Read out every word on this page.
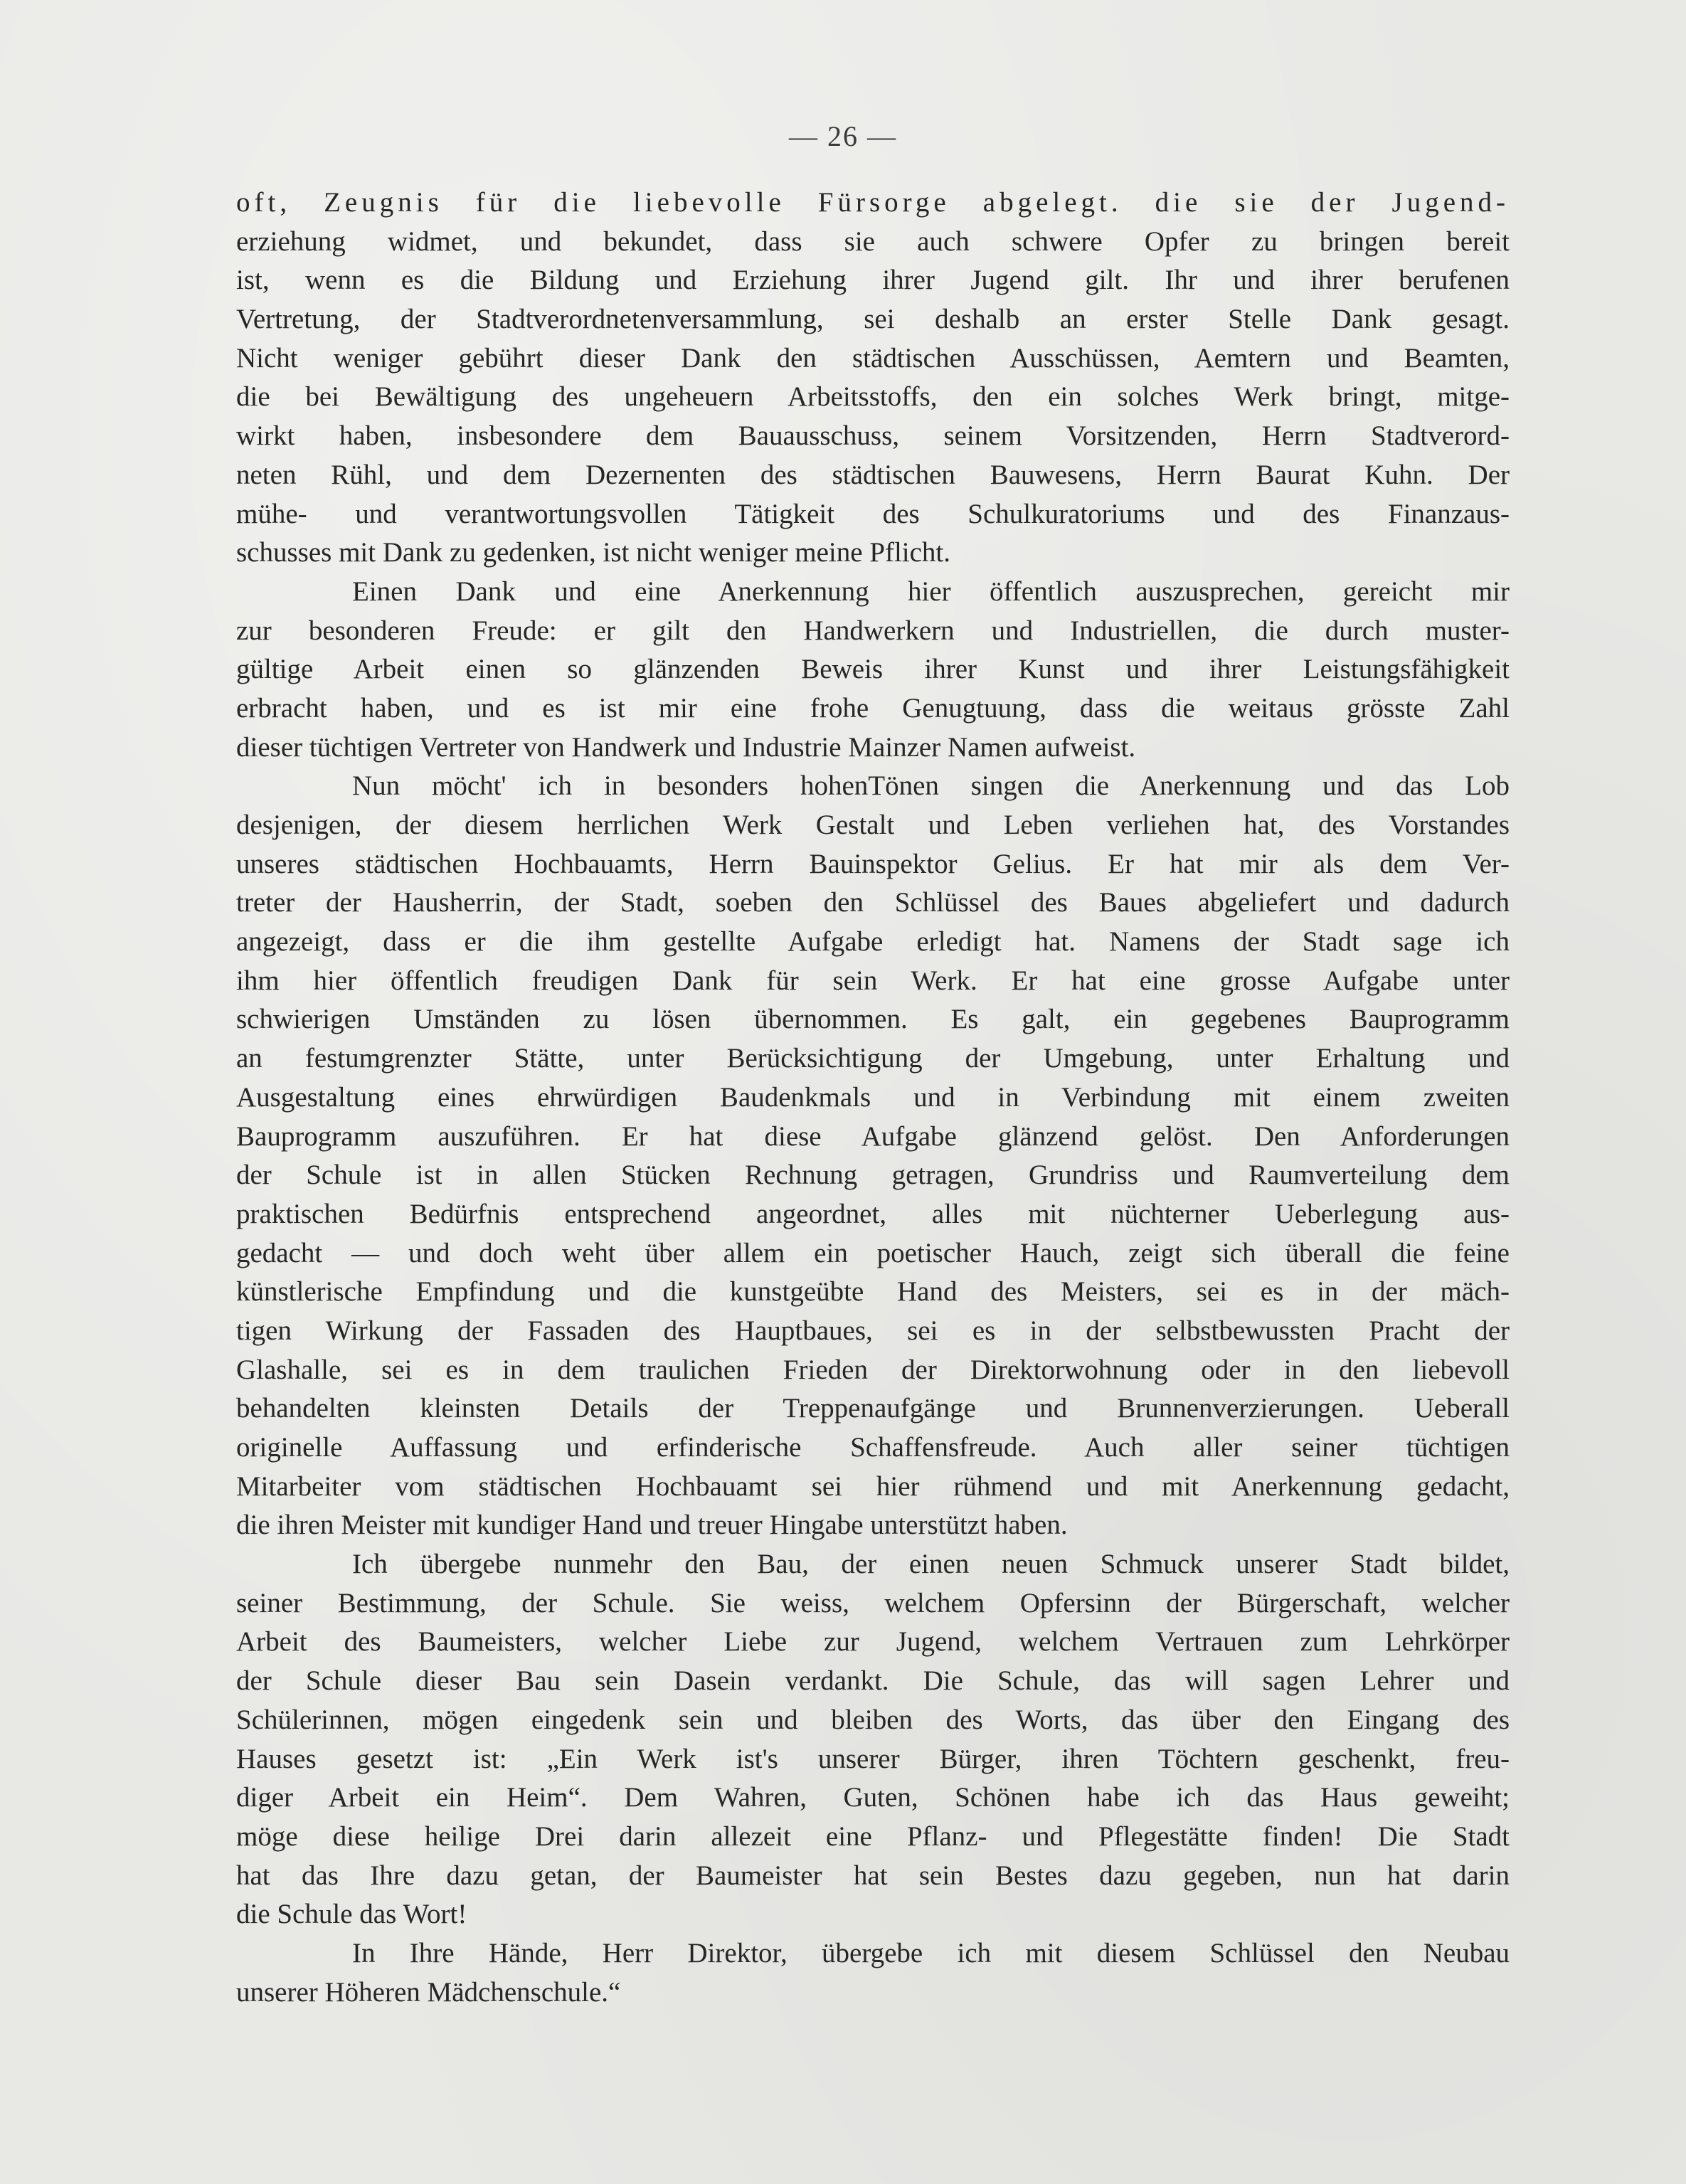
— 26 —
oft, Zeugnis für die liebevolle Fürsorge abgelegt. die sie der Jugend-
erziehung widmet, und bekundet, dass sie auch schwere Opfer zu bringen bereit
ist, wenn es die Bildung und Erziehung ihrer Jugend gilt. Ihr und ihrer berufenen
Vertretung, der Stadtverordnetenversammlung, sei deshalb an erster Stelle Dank gesagt.
Nicht weniger gebührt dieser Dank den städtischen Ausschüssen, Aemtern und Beamten,
die bei Bewältigung des ungeheuern Arbeitsstoffs, den ein solches Werk bringt, mitge-
wirkt haben, insbesondere dem Bauausschuss, seinem Vorsitzenden, Herrn Stadtverord-
neten Rühl, und dem Dezernenten des städtischen Bauwesens, Herrn Baurat Kuhn. Der
mühe- und verantwortungsvollen Tätigkeit des Schulkuratoriums und des Finanzaus-
schusses mit Dank zu gedenken, ist nicht weniger meine Pflicht.
Einen Dank und eine Anerkennung hier öffentlich auszusprechen, gereicht mir
zur besonderen Freude: er gilt den Handwerkern und Industriellen, die durch muster-
gültige Arbeit einen so glänzenden Beweis ihrer Kunst und ihrer Leistungsfähigkeit
erbracht haben, und es ist mir eine frohe Genugtuung, dass die weitaus grösste Zahl
dieser tüchtigen Vertreter von Handwerk und Industrie Mainzer Namen aufweist.
Nun möcht' ich in besonders hohenTönen singen die Anerkennung und das Lob
desjenigen, der diesem herrlichen Werk Gestalt und Leben verliehen hat, des Vorstandes
unseres städtischen Hochbauamts, Herrn Bauinspektor Gelius. Er hat mir als dem Ver-
treter der Hausherrin, der Stadt, soeben den Schlüssel des Baues abgeliefert und dadurch
angezeigt, dass er die ihm gestellte Aufgabe erledigt hat. Namens der Stadt sage ich
ihm hier öffentlich freudigen Dank für sein Werk. Er hat eine grosse Aufgabe unter
schwierigen Umständen zu lösen übernommen. Es galt, ein gegebenes Bauprogramm
an festumgrenzter Stätte, unter Berücksichtigung der Umgebung, unter Erhaltung und
Ausgestaltung eines ehrwürdigen Baudenkmals und in Verbindung mit einem zweiten
Bauprogramm auszuführen. Er hat diese Aufgabe glänzend gelöst. Den Anforderungen
der Schule ist in allen Stücken Rechnung getragen, Grundriss und Raumverteilung dem
praktischen Bedürfnis entsprechend angeordnet, alles mit nüchterner Ueberlegung aus-
gedacht — und doch weht über allem ein poetischer Hauch, zeigt sich überall die feine
künstlerische Empfindung und die kunstgeübte Hand des Meisters, sei es in der mäch-
tigen Wirkung der Fassaden des Hauptbaues, sei es in der selbstbewussten Pracht der
Glashalle, sei es in dem traulichen Frieden der Direktorwohnung oder in den liebevoll
behandelten kleinsten Details der Treppenaufgänge und Brunnenverzierungen. Ueberall
originelle Auffassung und erfinderische Schaffensfreude. Auch aller seiner tüchtigen
Mitarbeiter vom städtischen Hochbauamt sei hier rühmend und mit Anerkennung gedacht,
die ihren Meister mit kundiger Hand und treuer Hingabe unterstützt haben.
Ich übergebe nunmehr den Bau, der einen neuen Schmuck unserer Stadt bildet,
seiner Bestimmung, der Schule. Sie weiss, welchem Opfersinn der Bürgerschaft, welcher
Arbeit des Baumeisters, welcher Liebe zur Jugend, welchem Vertrauen zum Lehrkörper
der Schule dieser Bau sein Dasein verdankt. Die Schule, das will sagen Lehrer und
Schülerinnen, mögen eingedenk sein und bleiben des Worts, das über den Eingang des
Hauses gesetzt ist: „Ein Werk ist's unserer Bürger, ihren Töchtern geschenkt, freu-
diger Arbeit ein Heim“. Dem Wahren, Guten, Schönen habe ich das Haus geweiht;
möge diese heilige Drei darin allezeit eine Pflanz- und Pflegestätte finden! Die Stadt
hat das Ihre dazu getan, der Baumeister hat sein Bestes dazu gegeben, nun hat darin
die Schule das Wort!
In Ihre Hände, Herr Direktor, übergebe ich mit diesem Schlüssel den Neubau
unserer Höheren Mädchenschule.“
